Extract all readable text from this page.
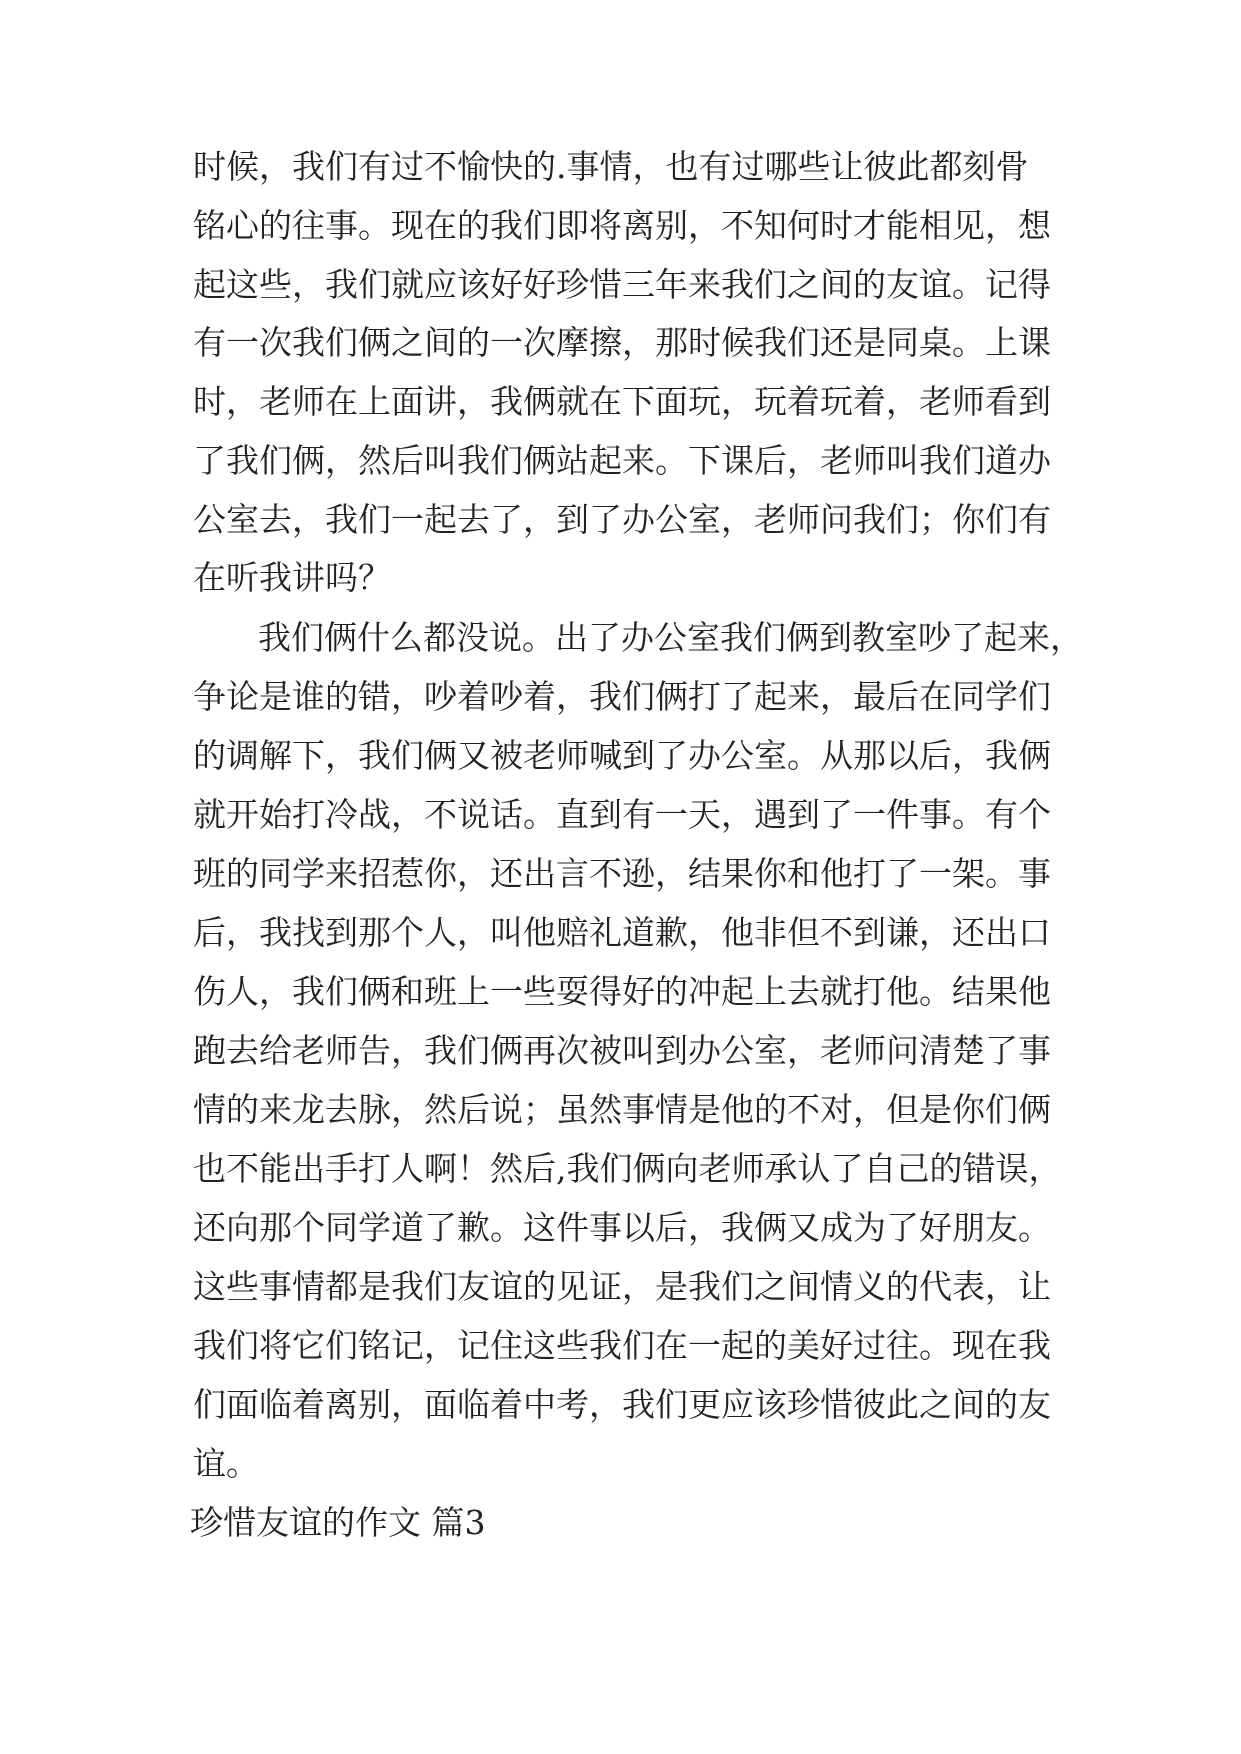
时候，我们有过不愉快的.事情，也有过哪些让彼此都刻骨

铭心的往事。现在的我们即将离别，不知何时才能相见，想

起这些，我们就应该好好珍惜三年来我们之间的友谊。记得

有一次我们俩之间的一次摩擦，那时候我们还是同桌。上课

时，老师在上面讲，我俩就在下面玩，玩着玩着，老师看到

了我们俩，然后叫我们俩站起来。下课后，老师叫我们道办

公室去，我们一起去了，到了办公室，老师问我们；你们有

在听我讲吗？

我们俩什么都没说。出了办公室我们俩到教室吵了起来，

争论是谁的错，吵着吵着，我们俩打了起来，最后在同学们

的调解下，我们俩又被老师喊到了办公室。从那以后，我俩

就开始打冷战，不说话。直到有一天，遇到了一件事。有个

班的同学来招惹你，还出言不逊，结果你和他打了一架。事

后，我找到那个人，叫他赔礼道歉，他非但不到谦，还出口

伤人，我们俩和班上一些耍得好的冲起上去就打他。结果他

跑去给老师告，我们俩再次被叫到办公室，老师问清楚了事

情的来龙去脉，然后说；虽然事情是他的不对，但是你们俩

也不能出手打人啊！然后,我们俩向老师承认了自己的错误，

还向那个同学道了歉。这件事以后，我俩又成为了好朋友。

这些事情都是我们友谊的见证，是我们之间情义的代表，让

我们将它们铭记，记住这些我们在一起的美好过往。现在我

们面临着离别，面临着中考，我们更应该珍惜彼此之间的友

谊。

珍惜友谊的作文 篇3
